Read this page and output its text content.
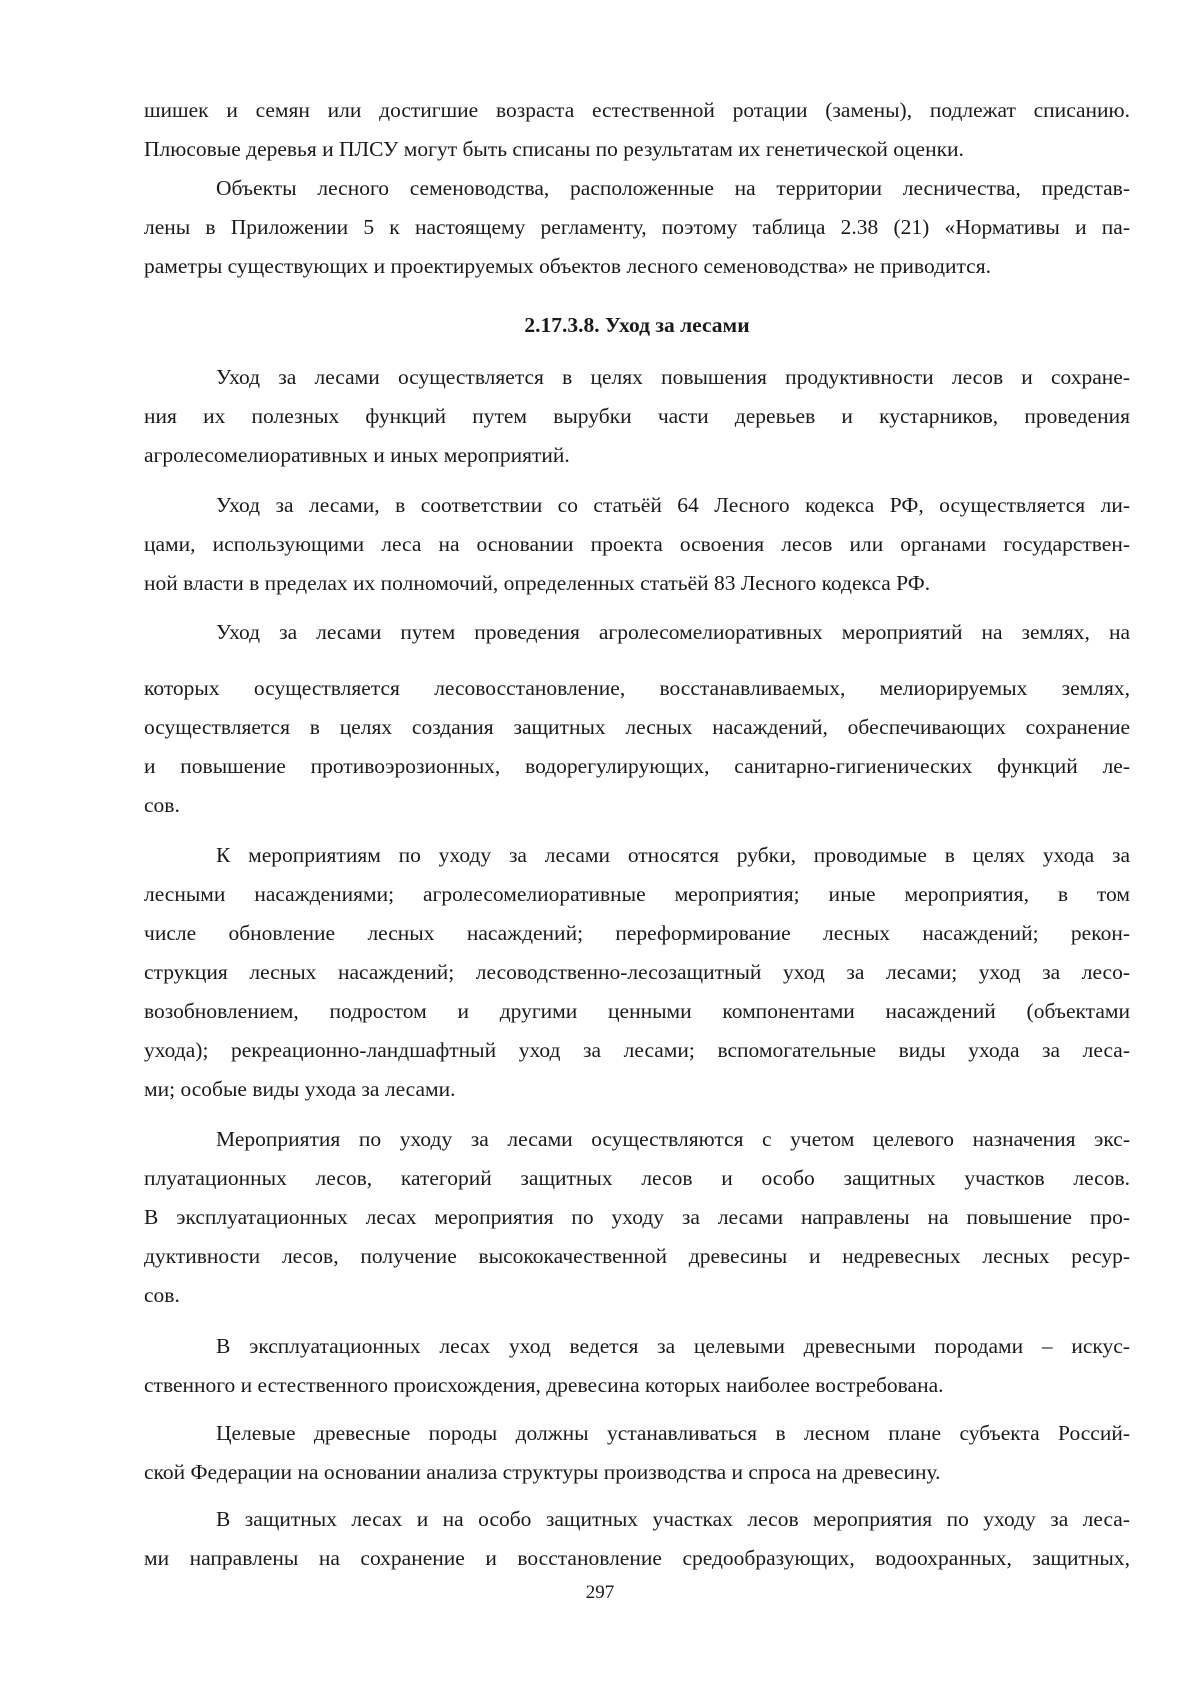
шишек и семян или достигшие возраста естественной ротации (замены), подлежат списанию.
Плюсовые деревья и ПЛСУ могут быть списаны по результатам их генетической оценки.
Объекты лесного семеноводства, расположенные на территории лесничества, представ-
лены в Приложении 5 к настоящему регламенту, поэтому таблица 2.38 (21) «Нормативы и па-
раметры существующих и проектируемых объектов лесного семеноводства» не приводится.
2.17.3.8. Уход за лесами
Уход за лесами осуществляется в целях повышения продуктивности лесов и сохране-
ния их полезных функций путем вырубки части деревьев и кустарников, проведения
агролесомелиоративных и иных мероприятий.
Уход за лесами, в соответствии со статьёй 64 Лесного кодекса РФ, осуществляется ли-
цами, использующими леса на основании проекта освоения лесов или органами государствен-
ной власти в пределах их полномочий, определенных статьёй 83 Лесного кодекса РФ.
Уход за лесами путем проведения агролесомелиоративных мероприятий на землях, на
которых осуществляется лесовосстановление, восстанавливаемых, мелиорируемых землях,
осуществляется в целях создания защитных лесных насаждений, обеспечивающих сохранение
и повышение противоэрозионных, водорегулирующих, санитарно-гигиенических функций ле-
сов.
К мероприятиям по уходу за лесами относятся рубки, проводимые в целях ухода за
лесными насаждениями; агролесомелиоративные мероприятия; иные мероприятия, в том
числе обновление лесных насаждений; переформирование лесных насаждений; рекон-
струкция лесных насаждений; лесоводственно-лесозащитный уход за лесами; уход за лесо-
возобновлением, подростом и другими ценными компонентами насаждений (объектами
ухода); рекреационно-ландшафтный уход за лесами; вспомогательные виды ухода за леса-
ми; особые виды ухода за лесами.
Мероприятия по уходу за лесами осуществляются с учетом целевого назначения экс-
плуатационных лесов, категорий защитных лесов и особо защитных участков лесов.
В эксплуатационных лесах мероприятия по уходу за лесами направлены на повышение про-
дуктивности лесов, получение высококачественной древесины и недревесных лесных ресур-
сов.
В эксплуатационных лесах уход ведется за целевыми древесными породами – искус-
ственного и естественного происхождения, древесина которых наиболее востребована.
Целевые древесные породы должны устанавливаться в лесном плане субъекта Россий-
ской Федерации на основании анализа структуры производства и спроса на древесину.
В защитных лесах и на особо защитных участках лесов мероприятия по уходу за леса-
ми направлены на сохранение и восстановление средообразующих, водоохранных, защитных,
297
